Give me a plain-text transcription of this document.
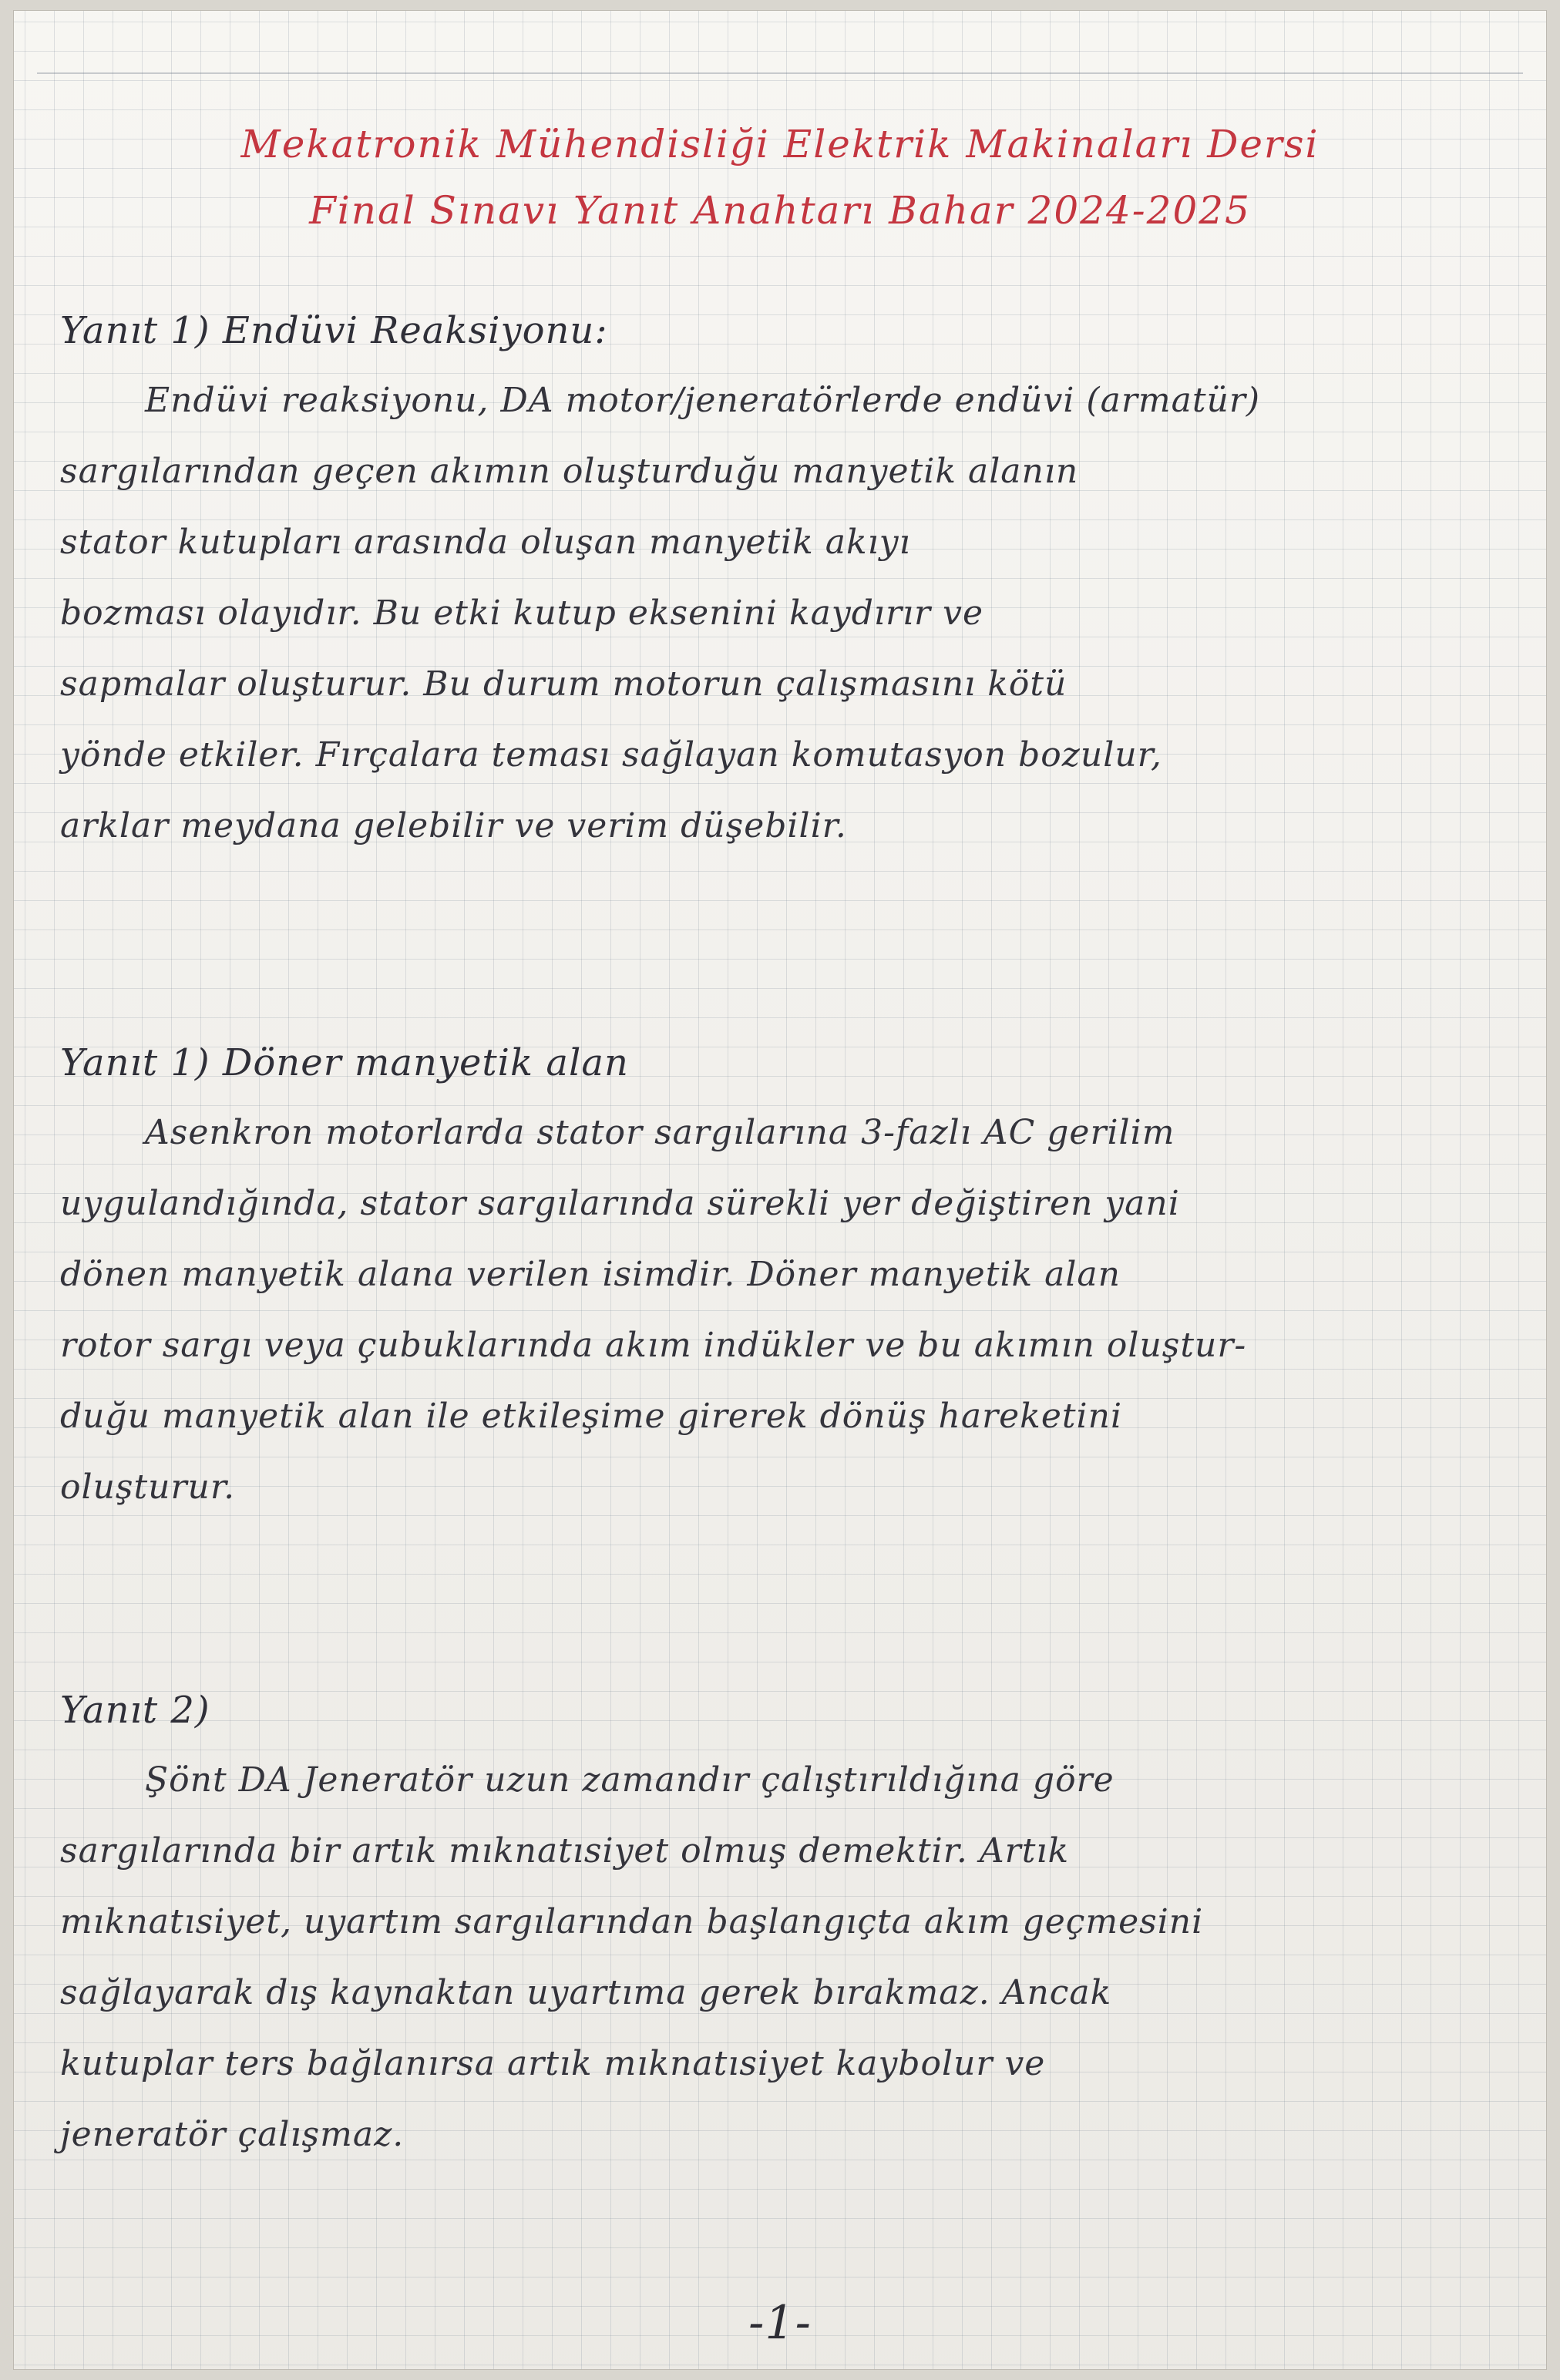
Mekatronik Mühendisliği Elektrik Makinaları Dersi

Final Sınavı Yanıt Anahtarı Bahar 2024-2025

Yanıt 1) Endüvi Reaksiyonu:

Endüvi reaksiyonu, DA motor/jeneratörlerde endüvi (armatür)

sargılarından geçen akımın oluşturduğu manyetik alanın

stator kutupları arasında oluşan manyetik akıyı

bozması olayıdır. Bu etki kutup eksenini kaydırır ve

sapmalar oluşturur. Bu durum motorun çalışmasını kötü

yönde etkiler. Fırçalara teması sağlayan komutasyon bozulur,

arklar meydana gelebilir ve verim düşebilir.

Yanıt 1) Döner manyetik alan

Asenkron motorlarda stator sargılarına 3-fazlı AC gerilim

uygulandığında, stator sargılarında sürekli yer değiştiren yani

dönen manyetik alana verilen isimdir. Döner manyetik alan

rotor sargı veya çubuklarında akım indükler ve bu akımın oluştur-

duğu manyetik alan ile etkileşime girerek dönüş hareketini

oluşturur.

Yanıt 2)

Şönt DA Jeneratör uzun zamandır çalıştırıldığına göre

sargılarında bir artık mıknatısiyet olmuş demektir. Artık

mıknatısiyet, uyartım sargılarından başlangıçta akım geçmesini

sağlayarak dış kaynaktan uyartıma gerek bırakmaz. Ancak

kutuplar ters bağlanırsa artık mıknatısiyet kaybolur ve

jeneratör çalışmaz.

-1-
